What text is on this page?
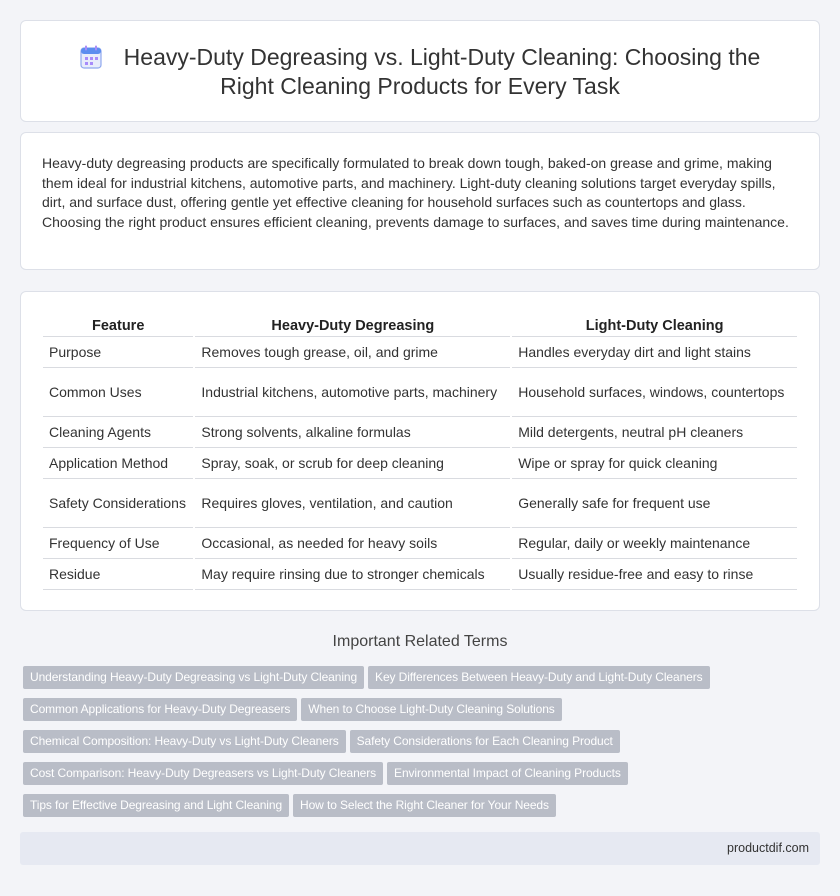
Heavy-Duty Degreasing vs. Light-Duty Cleaning: Choosing the
Right Cleaning Products for Every Task

Heavy-duty degreasing products are specifically formulated to break down tough, baked-on grease and grime, making them ideal for industrial kitchens, automotive parts, and machinery. Light-duty cleaning solutions target everyday spills, dirt, and surface dust, offering gentle yet effective cleaning for household surfaces such as countertops and glass. Choosing the right product ensures efficient cleaning, prevents damage to surfaces, and saves time during maintenance.

Feature	Heavy-Duty Degreasing	Light-Duty Cleaning
Purpose	Removes tough grease, oil, and grime	Handles everyday dirt and light stains
Common Uses	Industrial kitchens, automotive parts, machinery	Household surfaces, windows, countertops
Cleaning Agents	Strong solvents, alkaline formulas	Mild detergents, neutral pH cleaners
Application Method	Spray, soak, or scrub for deep cleaning	Wipe or spray for quick cleaning
Safety Considerations	Requires gloves, ventilation, and caution	Generally safe for frequent use
Frequency of Use	Occasional, as needed for heavy soils	Regular, daily or weekly maintenance
Residue	May require rinsing due to stronger chemicals	Usually residue-free and easy to rinse
Important Related Terms
Understanding Heavy-Duty Degreasing vs Light-Duty Cleaning Key Differences Between Heavy-Duty and Light-Duty Cleaners
Common Applications for Heavy-Duty Degreasers When to Choose Light-Duty Cleaning Solutions
Chemical Composition: Heavy-Duty vs Light-Duty Cleaners Safety Considerations for Each Cleaning Product
Cost Comparison: Heavy-Duty Degreasers vs Light-Duty Cleaners Environmental Impact of Cleaning Products
Tips for Effective Degreasing and Light Cleaning How to Select the Right Cleaner for Your Needs
productdif.com
